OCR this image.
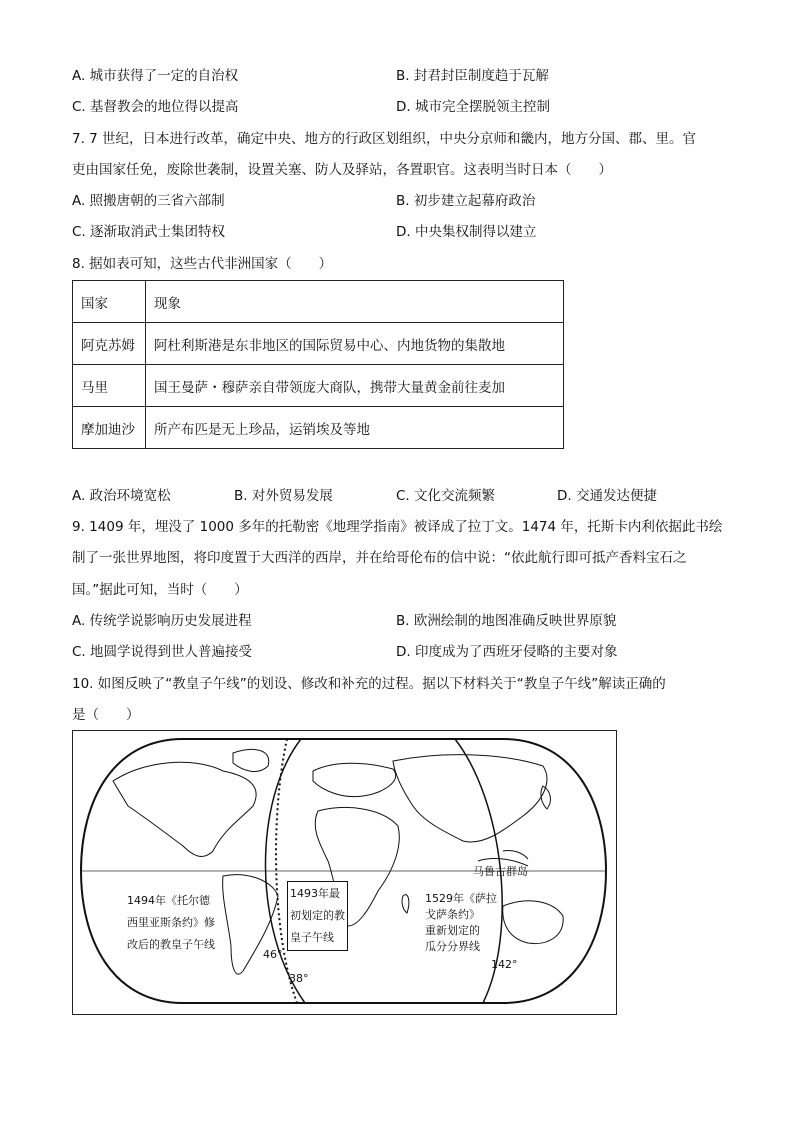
A. 城市获得了一定的自治权	B. 封君封臣制度趋于瓦解
C. 基督教会的地位得以提高	D. 城市完全摆脱领主控制
7. 7 世纪，日本进行改革，确定中央、地方的行政区划组织，中央分京师和畿内，地方分国、郡、里。官
吏由国家任免，废除世袭制，设置关塞、防人及驿站，各置职官。这表明当时日本（　　）
A. 照搬唐朝的三省六部制	B. 初步建立起幕府政治
C. 逐渐取消武士集团特权	D. 中央集权制得以建立
8. 据如表可知，这些古代非洲国家（　　）
国家	现象
阿克苏姆	阿杜利斯港是东非地区的国际贸易中心、内地货物的集散地
马里	国王曼萨・穆萨亲自带领庞大商队，携带大量黄金前往麦加
摩加迪沙	所产布匹是无上珍品，运销埃及等地
A. 政治环境宽松	B. 对外贸易发展	C. 文化交流频繁	D. 交通发达便捷
9. 1409 年，埋没了 1000 多年的托勒密《地理学指南》被译成了拉丁文。1474 年，托斯卡内利依据此书绘
制了一张世界地图，将印度置于大西洋的西岸，并在给哥伦布的信中说：“依此航行即可抵产香料宝石之
国。”据此可知，当时（　　）
A. 传统学说影响历史发展进程	B. 欧洲绘制的地图准确反映世界原貌
C. 地圆学说得到世人普遍接受	D. 印度成为了西班牙侵略的主要对象
10. 如图反映了“教皇子午线”的划设、修改和补充的过程。据以下材料关于“教皇子午线”解读正确的
是（　　）
1494年《托尔德
西里亚斯条约》修
改后的教皇子午线
1493年最
初划定的教
皇子午线
1529年《萨拉
戈萨条约》
重新划定的
瓜分分界线
马鲁古群岛
46°
38°
142°
